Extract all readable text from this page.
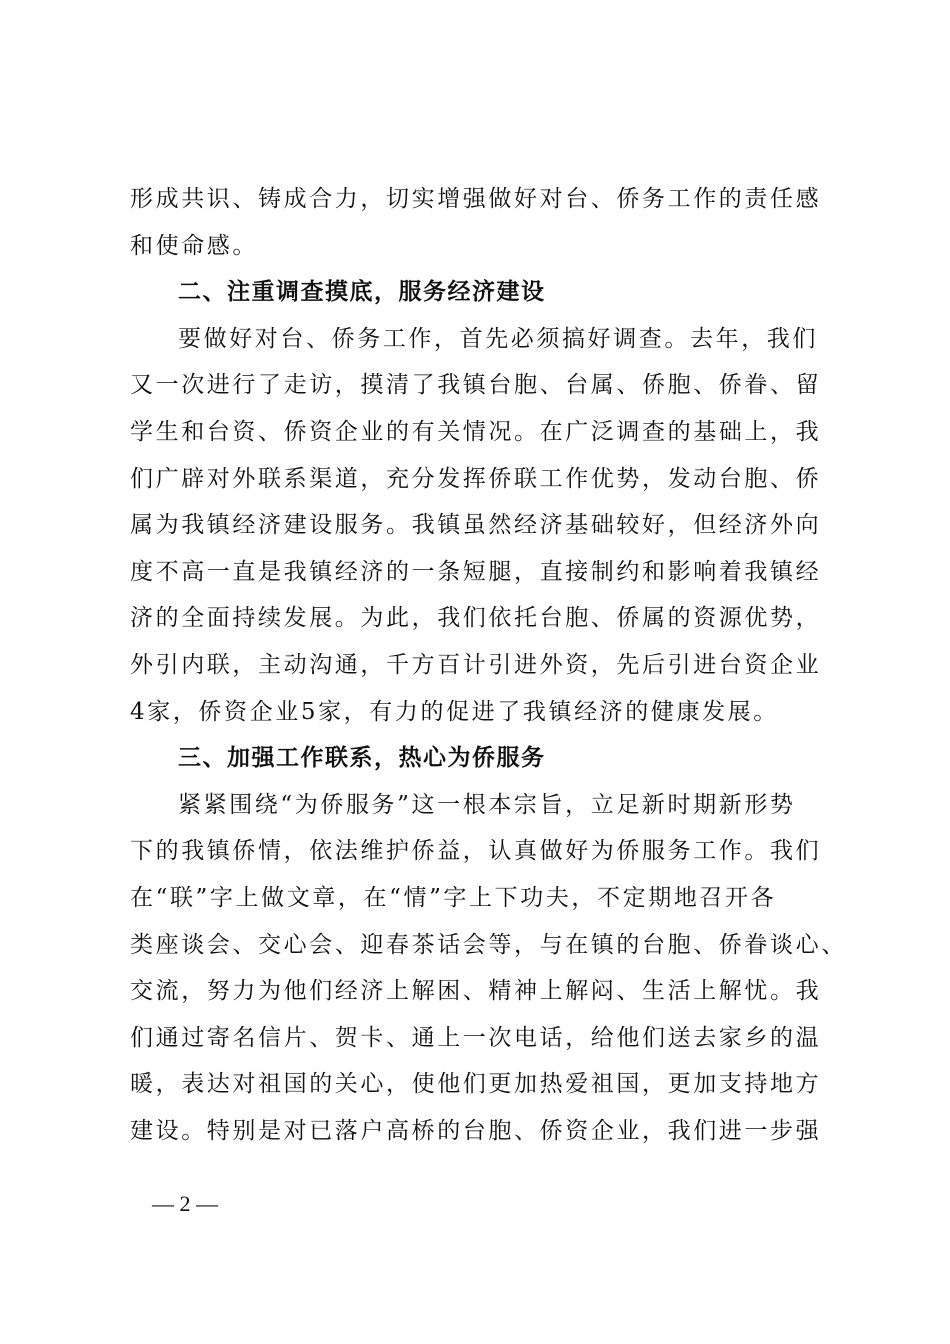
形成共识、铸成合力，切实增强做好对台、侨务工作的责任感
和使命感。
二、注重调查摸底，服务经济建设
要做好对台、侨务工作，首先必须搞好调查。去年，我们
又一次进行了走访，摸清了我镇台胞、台属、侨胞、侨眷、留
学生和台资、侨资企业的有关情况。在广泛调查的基础上，我
们广辟对外联系渠道，充分发挥侨联工作优势，发动台胞、侨
属为我镇经济建设服务。我镇虽然经济基础较好，但经济外向
度不高一直是我镇经济的一条短腿，直接制约和影响着我镇经
济的全面持续发展。为此，我们依托台胞、侨属的资源优势，
外引内联，主动沟通，千方百计引进外资，先后引进台资企业
4家，侨资企业5家，有力的促进了我镇经济的健康发展。
三、加强工作联系，热心为侨服务
紧紧围绕“为侨服务”这一根本宗旨，立足新时期新形势
下的我镇侨情，依法维护侨益，认真做好为侨服务工作。我们
在“联”字上做文章，在“情”字上下功夫，不定期地召开各
类座谈会、交心会、迎春茶话会等，与在镇的台胞、侨眷谈心、
交流，努力为他们经济上解困、精神上解闷、生活上解忧。我
们通过寄名信片、贺卡、通上一次电话，给他们送去家乡的温
暖，表达对祖国的关心，使他们更加热爱祖国，更加支持地方
建设。特别是对已落户高桥的台胞、侨资企业，我们进一步强
— 2 —
